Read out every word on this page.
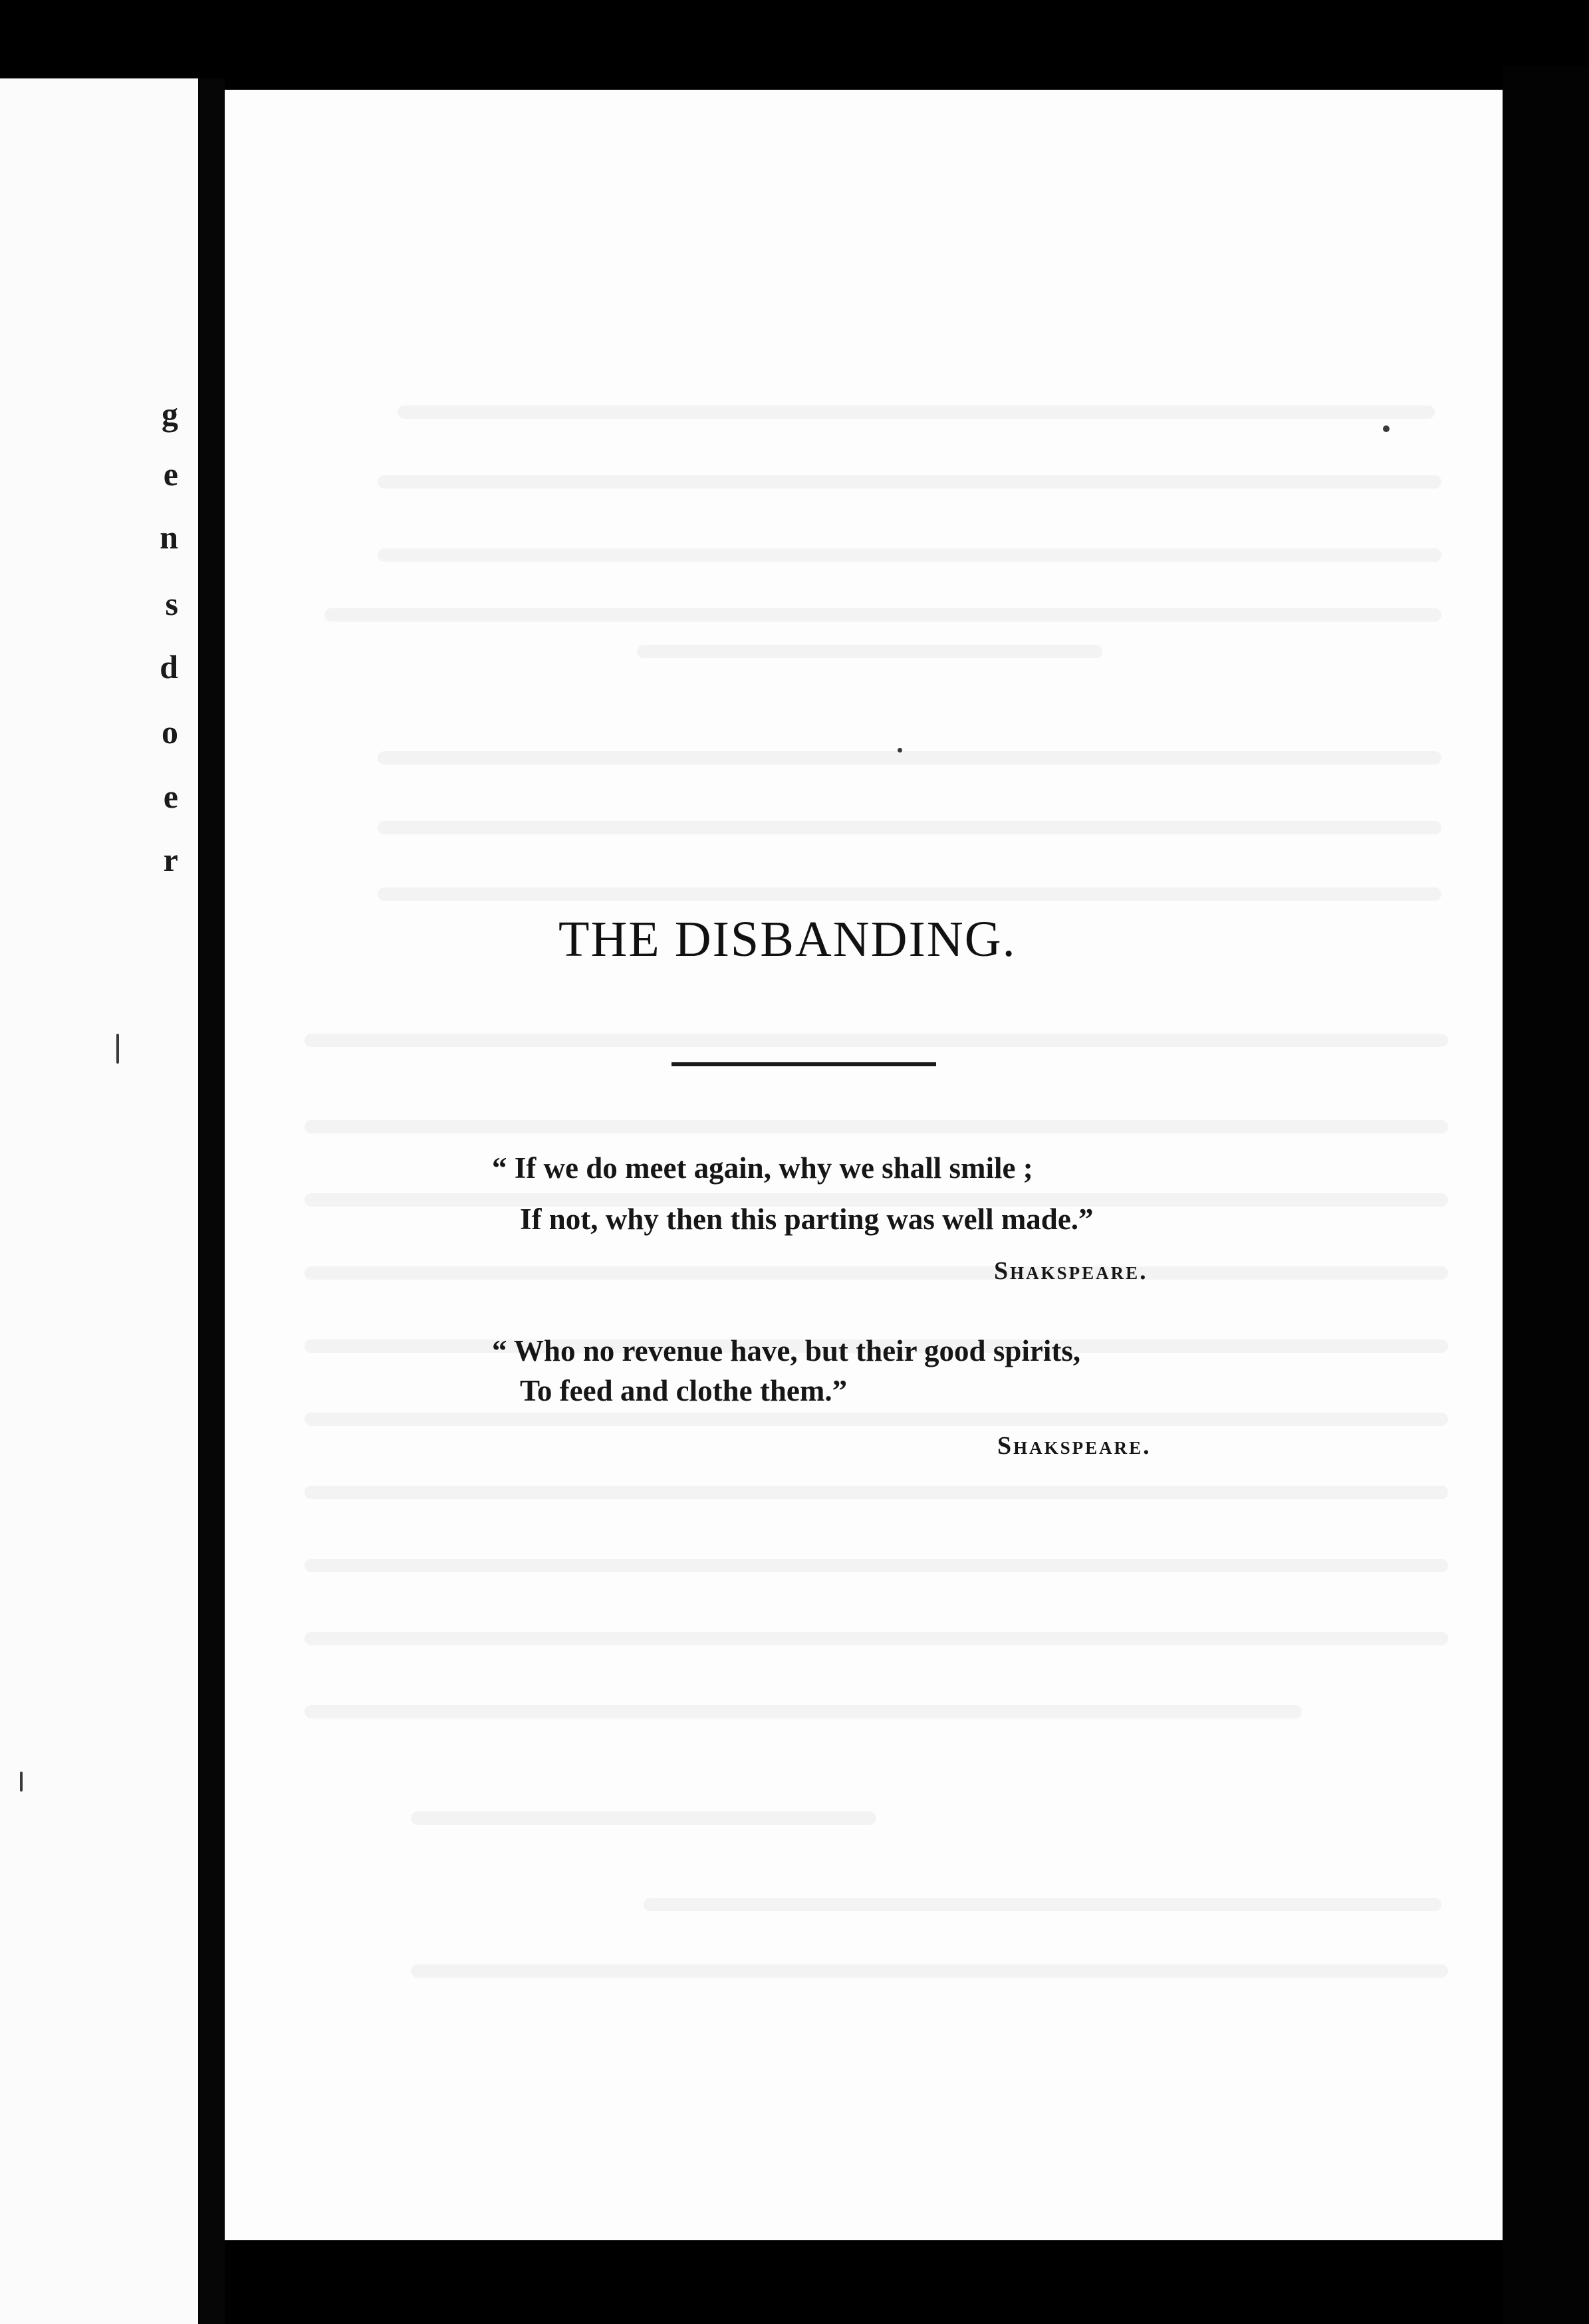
g
e
n
s
d
o
e
r
THE DISBANDING.
“ If we do meet again, why we shall smile ;
If not, why then this parting was well made.”
Shakspeare.
“ Who no revenue have, but their good spirits,
To feed and clothe them.”
Shakspeare.
